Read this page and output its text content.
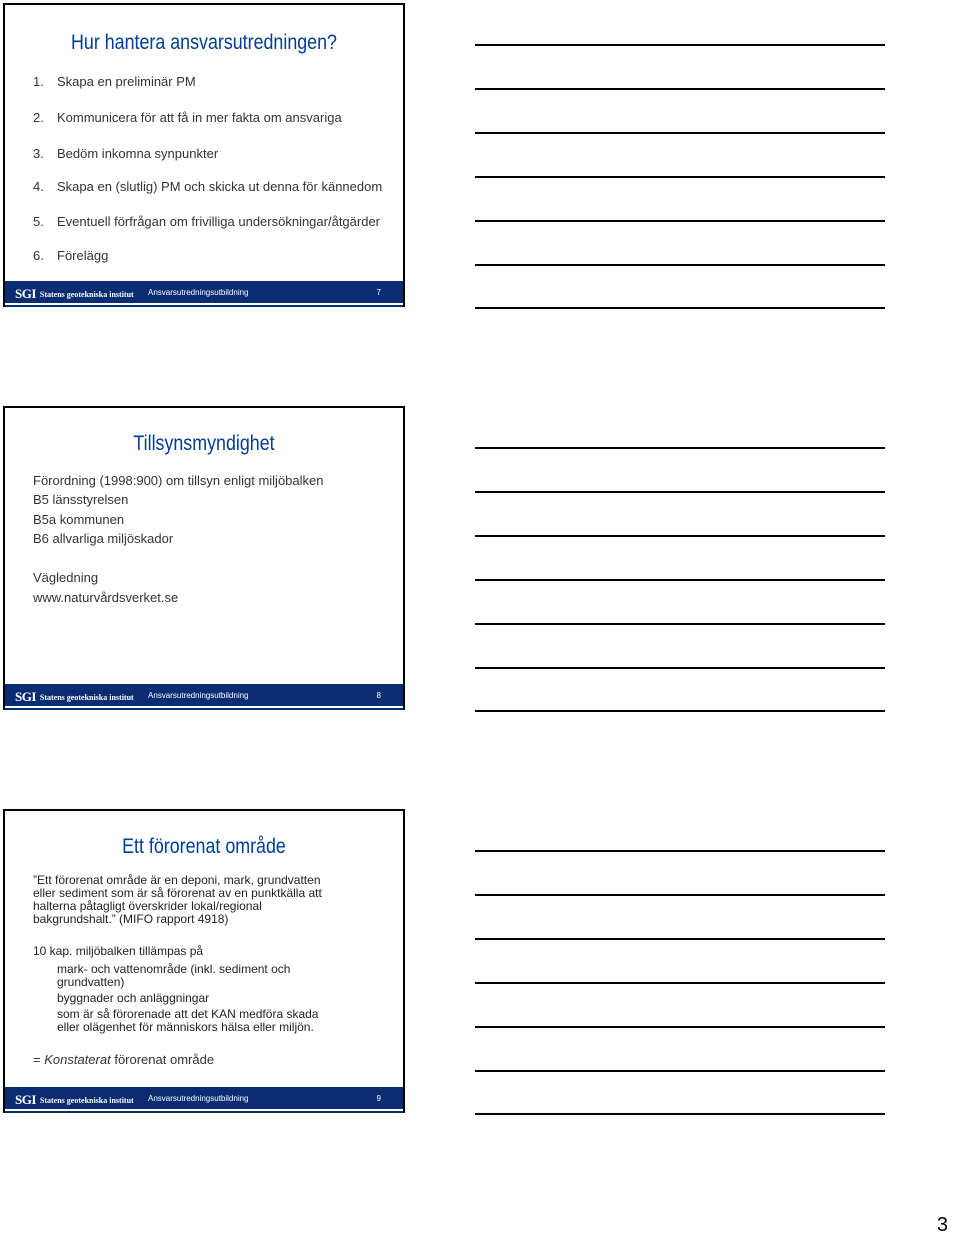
Hur hantera ansvarsutredningen?
1. Skapa en preliminär PM
2. Kommunicera för att få in mer fakta om ansvariga
3. Bedöm inkomna synpunkter
4. Skapa en (slutlig) PM och skicka ut denna för kännedom
5. Eventuell förfrågan om frivilliga undersökningar/åtgärder
6. Förelägg
SGI Statens geotekniska institut Ansvarsutredningsutbildning	7
Tillsynsmyndighet
Förordning (1998:900) om tillsyn enligt miljöbalken
B5 länsstyrelsen
B5a kommunen
B6 allvarliga miljöskador
Vägledning
www.naturvårdsverket.se
SGI Statens geotekniska institut Ansvarsutredningsutbildning	8
Ett förorenat område
”Ett förorenat område är en deponi, mark, grundvatten
eller sediment som är så förorenat av en punktkälla att
halterna påtagligt överskrider lokal/regional
bakgrundshalt.” (MIFO rapport 4918)
10 kap. miljöbalken tillämpas på
mark- och vattenområde (inkl. sediment och
grundvatten)
byggnader och anläggningar
som är så förorenade att det KAN medföra skada
eller olägenhet för människors hälsa eller miljön.
= Konstaterat förorenat område
SGI Statens geotekniska institut Ansvarsutredningsutbildning	9
3
